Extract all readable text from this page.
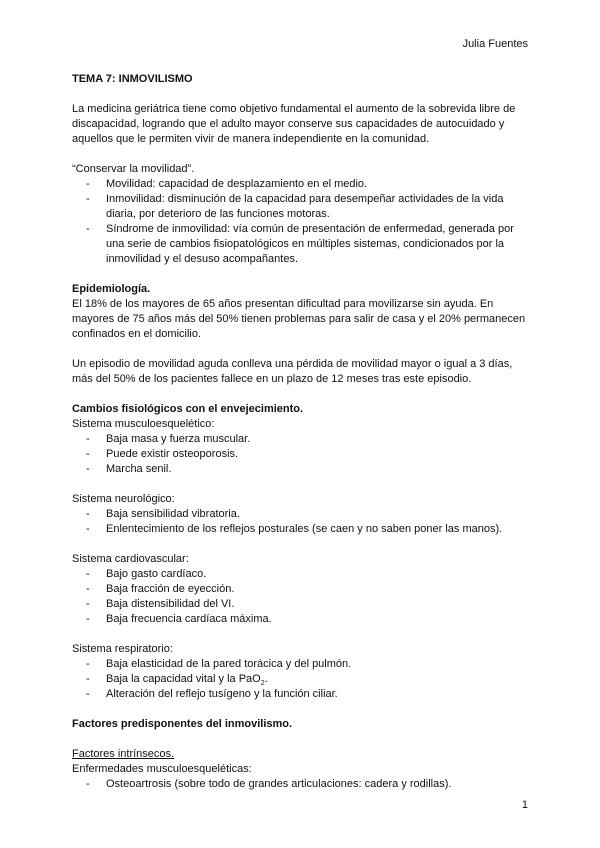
Julia Fuentes

TEMA 7: INMOVILISMO

La medicina geriátrica tiene como objetivo fundamental el aumento de la sobrevida libre de discapacidad, logrando que el adulto mayor conserve sus capacidades de autocuidado y aquellos que le permiten vivir de manera independiente en la comunidad.

“Conservar la movilidad”.

- Movilidad: capacidad de desplazamiento en el medio.
- Inmovilidad: disminución de la capacidad para desempeñar actividades de la vida diaria, por deterioro de las funciones motoras.
- Síndrome de inmovilidad: vía común de presentación de enfermedad, generada por una serie de cambios fisiopatológicos en múltiples sistemas, condicionados por la inmovilidad y el desuso acompañantes.

Epidemiología.

El 18% de los mayores de 65 años presentan dificultad para movilizarse sin ayuda. En mayores de 75 años más del 50% tienen problemas para salir de casa y el 20% permanecen confinados en el domicilio.

Un episodio de movilidad aguda conlleva una pérdida de movilidad mayor o igual a 3 días, más del 50% de los pacientes fallece en un plazo de 12 meses tras este episodio.

Cambios fisiológicos con el envejecimiento.

Sistema musculoesquelético:

- Baja masa y fuerza muscular.
- Puede existir osteoporosis.
- Marcha senil.

Sistema neurológico:

- Baja sensibilidad vibratoria.
- Enlentecimiento de los reflejos posturales (se caen y no saben poner las manos).

Sistema cardiovascular:

- Bajo gasto cardíaco.
- Baja fracción de eyección.
- Baja distensibilidad del VI.
- Baja frecuencia cardíaca máxima.

Sistema respiratorio:

- Baja elasticidad de la pared torácica y del pulmón.
- Baja la capacidad vital y la PaO$_2$.
- Alteración del reflejo tusígeno y la función ciliar.

Factores predisponentes del inmovilismo.

Factores intrínsecos.

Enfermedades musculoesqueléticas:

- Osteoartrosis (sobre todo de grandes articulaciones: cadera y rodillas).
1
